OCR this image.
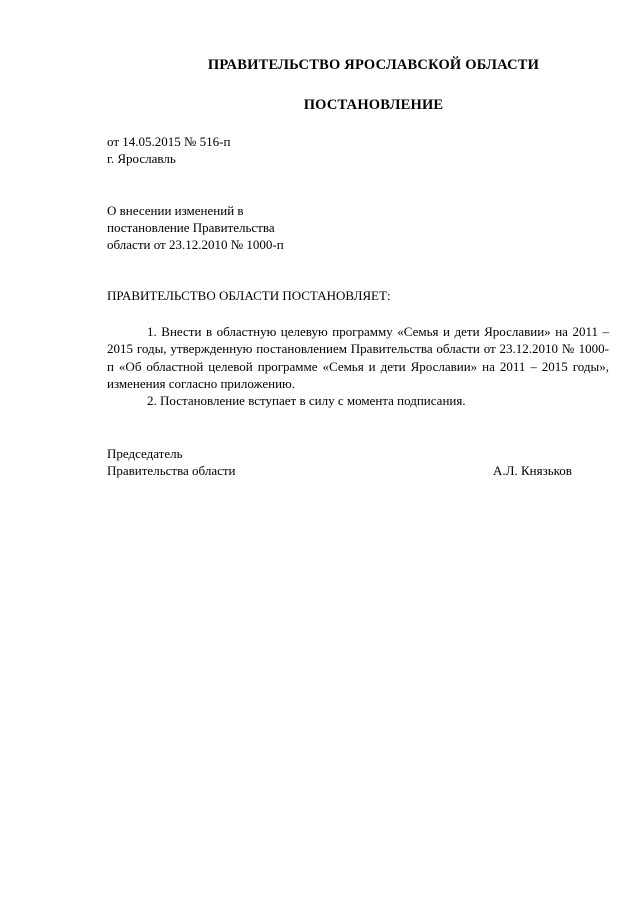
ПРАВИТЕЛЬСТВО ЯРОСЛАВСКОЙ ОБЛАСТИ
ПОСТАНОВЛЕНИЕ

от 14.05.2015 № 516-п

г. Ярославль

О внесении изменений в

постановление Правительства

области от 23.12.2010 № 1000-п

ПРАВИТЕЛЬСТВО ОБЛАСТИ ПОСТАНОВЛЯЕТ:

1. Внести в областную целевую программу «Семья и дети Ярославии» на 2011 – 2015 годы, утвержденную постановлением Правительства области от 23.12.2010 № 1000-п «Об областной целевой программе «Семья и дети Ярославии» на 2011 – 2015 годы», изменения согласно приложению.

2. Постановление вступает в силу с момента подписания.

Председатель

Правительства области	А.Л. Князьков
